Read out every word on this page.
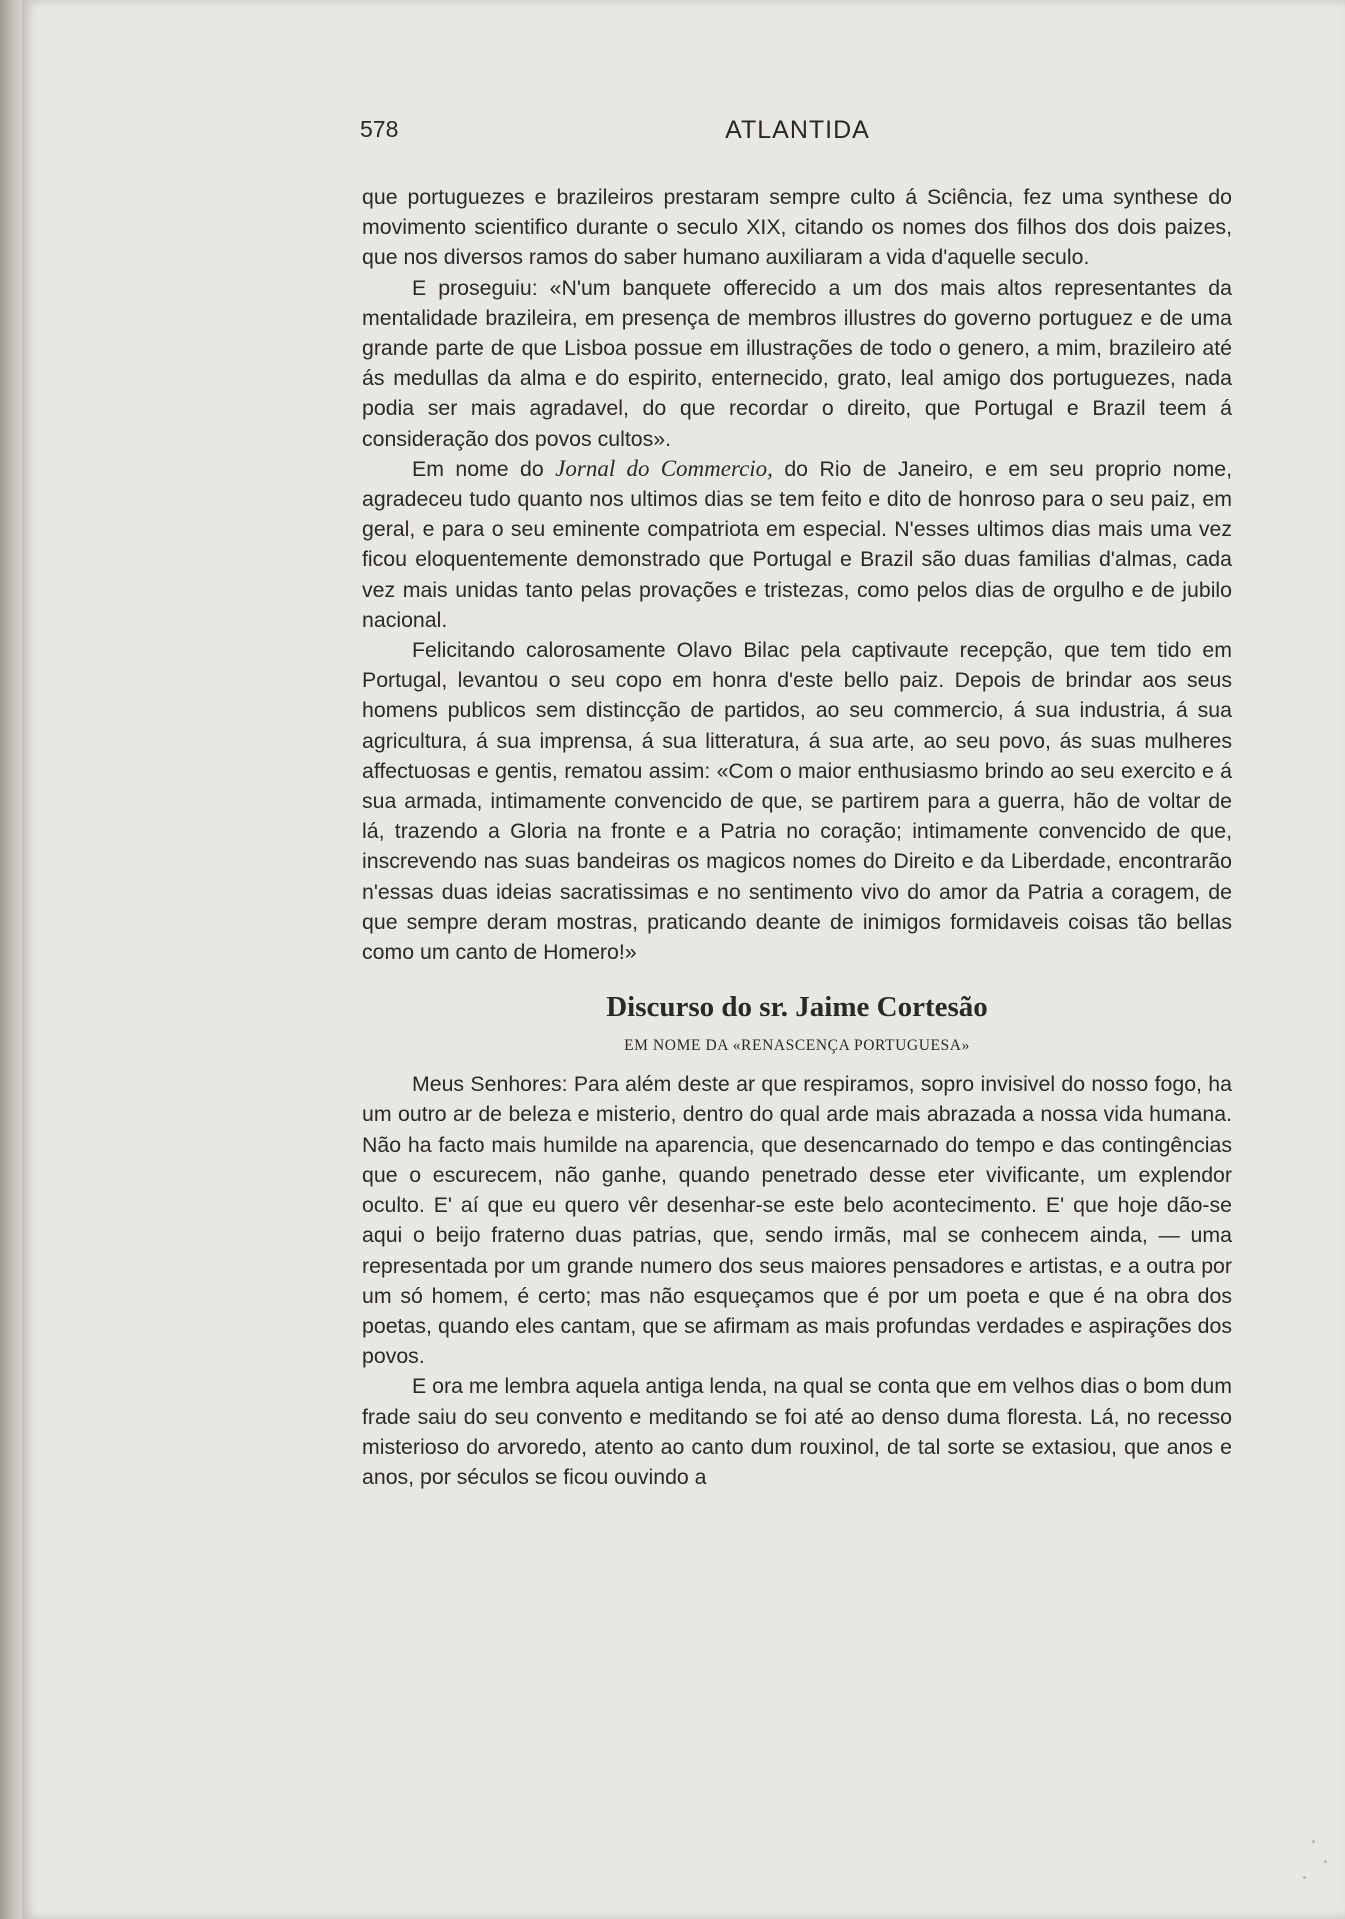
578	ATLANTIDA

que portuguezes e brazileiros prestaram sempre culto á Sciência, fez uma synthese do movimento scientifico durante o seculo XIX, citando os nomes dos filhos dos dois paizes, que nos diversos ramos do saber humano auxiliaram a vida d'aquelle seculo.

E proseguiu: «N'um banquete offerecido a um dos mais altos representantes da mentalidade brazileira, em presença de membros illustres do governo portuguez e de uma grande parte de que Lisboa possue em illustrações de todo o genero, a mim, brazileiro até ás medullas da alma e do espirito, enternecido, grato, leal amigo dos portuguezes, nada podia ser mais agradavel, do que recordar o direito, que Portugal e Brazil teem á consideração dos povos cultos».

Em nome do Jornal do Commercio, do Rio de Janeiro, e em seu proprio nome, agradeceu tudo quanto nos ultimos dias se tem feito e dito de honroso para o seu paiz, em geral, e para o seu eminente compatriota em especial. N'esses ultimos dias mais uma vez ficou eloquentemente demonstrado que Portugal e Brazil são duas familias d'almas, cada vez mais unidas tanto pelas provações e tristezas, como pelos dias de orgulho e de jubilo nacional.

Felicitando calorosamente Olavo Bilac pela captivaute recepção, que tem tido em Portugal, levantou o seu copo em honra d'este bello paiz. Depois de brindar aos seus homens publicos sem distincção de partidos, ao seu commercio, á sua industria, á sua agricultura, á sua imprensa, á sua litteratura, á sua arte, ao seu povo, ás suas mulheres affectuosas e gentis, rematou assim: «Com o maior enthusiasmo brindo ao seu exercito e á sua armada, intimamente convencido de que, se partirem para a guerra, hão de voltar de lá, trazendo a Gloria na fronte e a Patria no coração; intimamente convencido de que, inscrevendo nas suas bandeiras os magicos nomes do Direito e da Liberdade, encontrarão n'essas duas ideias sacratissimas e no sentimento vivo do amor da Patria a coragem, de que sempre deram mostras, praticando deante de inimigos formidaveis coisas tão bellas como um canto de Homero!»

Discurso do sr. Jaime Cortesão
EM NOME DA «RENASCENÇA PORTUGUESA»

Meus Senhores: Para além deste ar que respiramos, sopro invisivel do nosso fogo, ha um outro ar de beleza e misterio, dentro do qual arde mais abrazada a nossa vida humana. Não ha facto mais humilde na aparencia, que desencarnado do tempo e das contingências que o escurecem, não ganhe, quando penetrado desse eter vivificante, um explendor oculto. E' aí que eu quero vêr desenhar-se este belo acontecimento. E' que hoje dão-se aqui o beijo fraterno duas patrias, que, sendo irmãs, mal se conhecem ainda, — uma representada por um grande numero dos seus maiores pensadores e artistas, e a outra por um só homem, é certo; mas não esqueçamos que é por um poeta e que é na obra dos poetas, quando eles cantam, que se afirmam as mais profundas verdades e aspirações dos povos.

E ora me lembra aquela antiga lenda, na qual se conta que em velhos dias o bom dum frade saiu do seu convento e meditando se foi até ao denso duma floresta. Lá, no recesso misterioso do arvoredo, atento ao canto dum rouxinol, de tal sorte se extasiou, que anos e anos, por séculos se ficou ouvindo a
